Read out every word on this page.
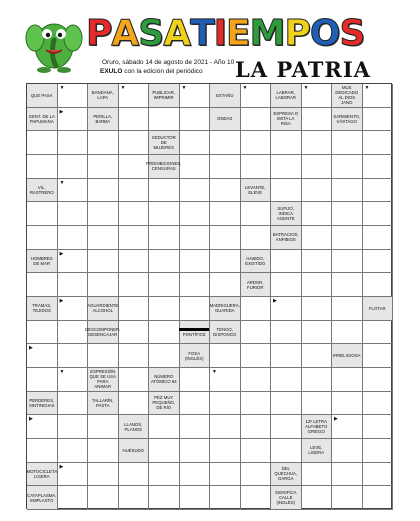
P A S A T I E M P O S
Oruro, sábado 14 de agosto de 2021 - Año 10
EXULO con la edición del periódico LA PATRIA
QUE PASA	BANDANA, LAPA
PUBLICAR, IMPRIMIR	EXTAÑO	LABRAR, LABORAR
MUS DEDICADO AL DIOS JANO
GENT. DE LA PAPUMANA
PERILLA, BARBA	ONDAS
EXPRESA O IMITA LA RISA
SARMIENTO, VÁSTAGO
SEDUCTOR DE MUJERES
PROHIBICIONES, CENSURAS
VIL, RASTRERO
LEVANTE, ELEVE
SUFIJO, INDICA AGENTE
BATRACIOS, ANFIBIOS
HOMBRES DE MAR
HABIDO, EXISTIDO
ARDOR, FURIOR
TRAMAS, TEJIDOS
AGUARDIENTE ALCOHOL
MADRIGUERA, GUARIDA	FLOTAR
DESCOMPONER, DESENCAJAR	PONTÍFICE
TENGO, DISPONGO
FOSA (INGLÉS)	IRRELIGIOSA
EXPRESIÓN QUE SE USA PARA ANIMAR
NÚMERO ATÓMICO 84
PERDERES, SINTINIGIAS
TALLARÍN, PASTA
PEZ MUY PEQUEÑO, DE RÍO
LLANOS, PLANOS
12ª LETRA ALFABETO GRIEGO
HUÉSUDO	LEVE, LIGERA
MOTOCICLETA LIGERA
DEL QUECHUA, GARGA
CATAPLASMA, EMPLASTO
SIGNIFICA CALLE (INGLÉS)
▼	▼	▼	▼	▼	▼
▶
▼
▶
▶
▶
▼
▶
▶
▶
▼
▶
